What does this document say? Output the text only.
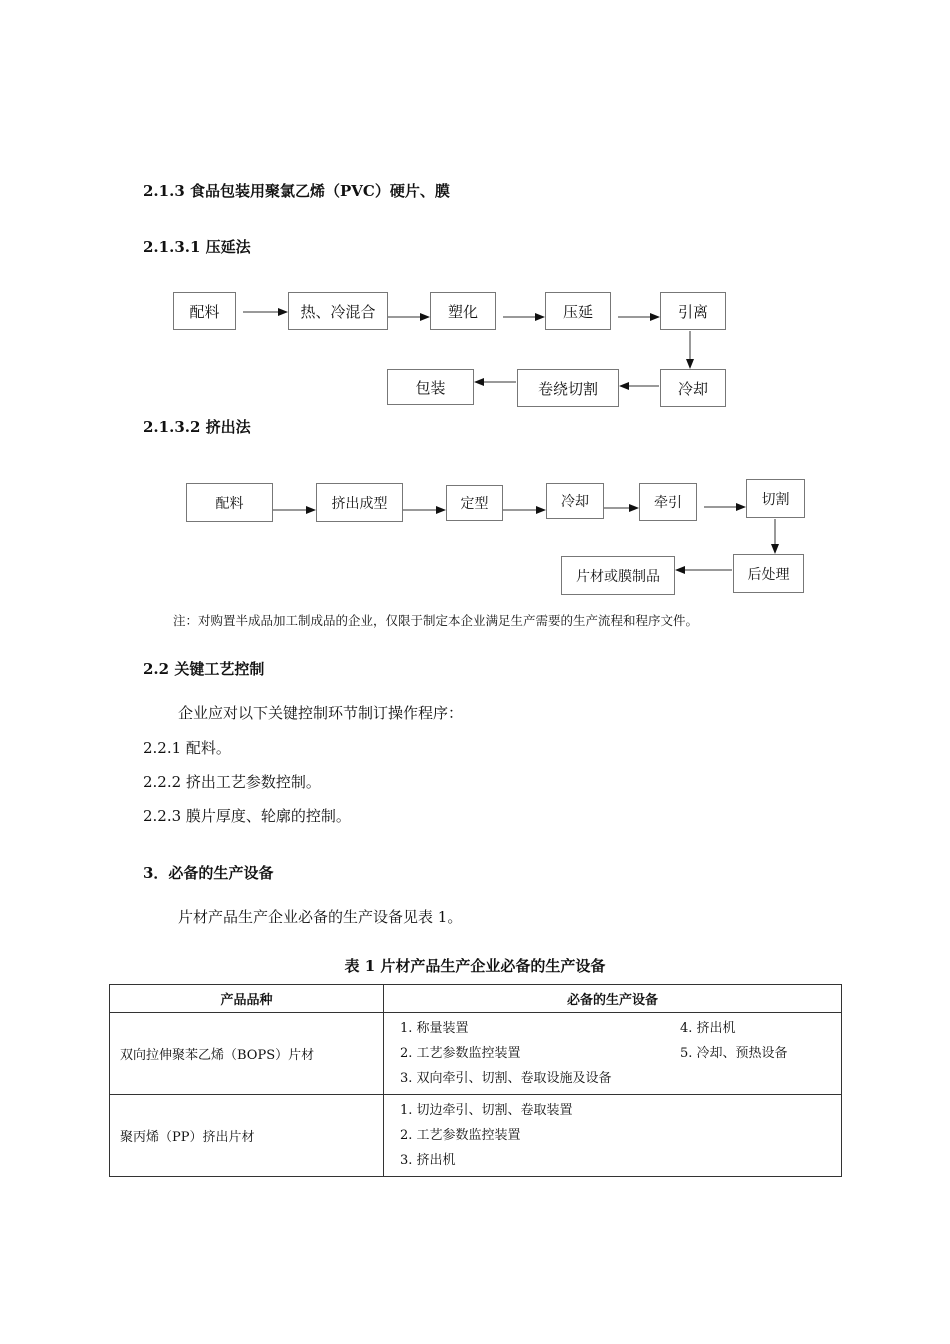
2.1.3 食品包装用聚氯乙烯（PVC）硬片、膜
2.1.3.1 压延法
配料	热、冷混合	塑化	压延	引离
冷却
卷绕切割
包装
2.1.3.2 挤出法
配料	挤出成型	定型	冷却	牵引	切割
后处理
片材或膜制品
注：对购置半成品加工制成品的企业，仅限于制定本企业满足生产需要的生产流程和程序文件。
2.2 关键工艺控制
企业应对以下关键控制环节制订操作程序：
2.2.1 配料。
2.2.2 挤出工艺参数控制。
2.2.3 膜片厚度、轮廓的控制。
3．必备的生产设备
片材产品生产企业必备的生产设备见表 1。
表 1 片材产品生产企业必备的生产设备
产品品种	必备的生产设备
双向拉伸聚苯乙烯（BOPS）片材	1. 称量装置 4. 挤出机
2. 工艺参数监控装置 5. 冷却、预热设备
3. 双向牵引、切割、卷取设施及设备

聚丙烯（PP）挤出片材	1. 切边牵引、切割、卷取装置
2. 工艺参数监控装置
3. 挤出机
